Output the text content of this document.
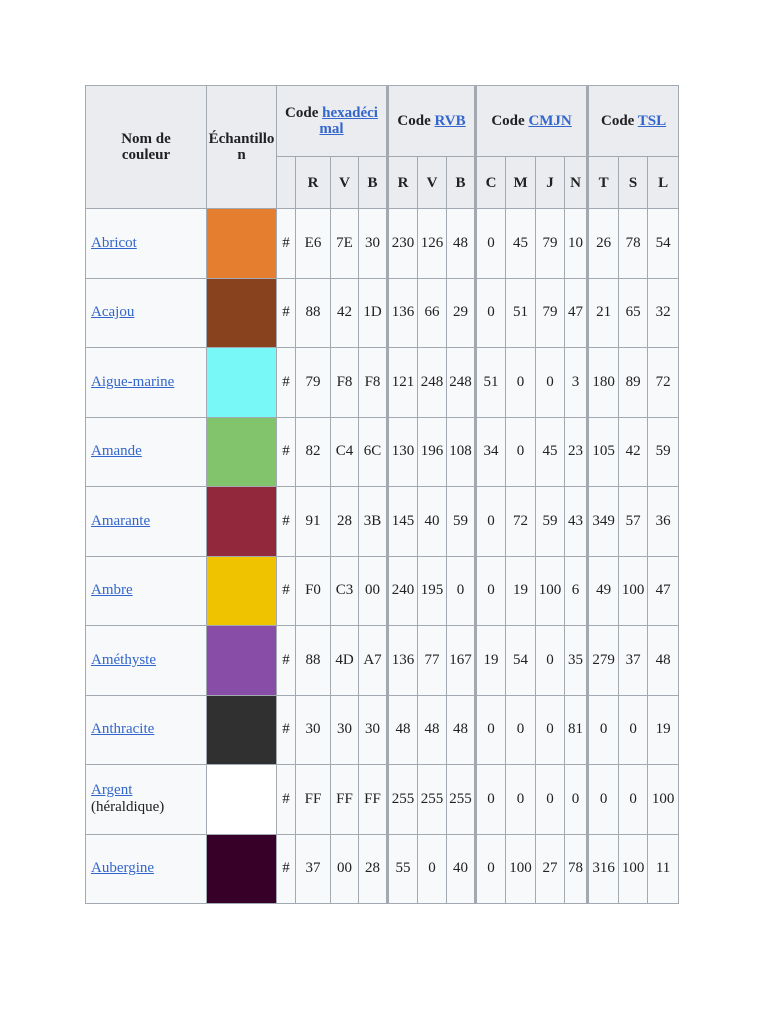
Nom de couleur	Échantillon	Code hexadécimal				Code RVB			Code CMJN				Code TSL		
			R	V	B	R	V	B	C	M	J	N	T	S	L
Abricot		#	E6	7E	30	230	126	48	0	45	79	10	26	78	54
Acajou		#	88	42	1D	136	66	29	0	51	79	47	21	65	32
Aigue-marine		#	79	F8	F8	121	248	248	51	0	0	3	180	89	72
Amande		#	82	C4	6C	130	196	108	34	0	45	23	105	42	59
Amarante		#	91	28	3B	145	40	59	0	72	59	43	349	57	36
Ambre		#	F0	C3	00	240	195	0	0	19	100	6	49	100	47
Améthyste		#	88	4D	A7	136	77	167	19	54	0	35	279	37	48
Anthracite		#	30	30	30	48	48	48	0	0	0	81	0	0	19
Argent (héraldique)		#	FF	FF	FF	255	255	255	0	0	0	0	0	0	100
Aubergine		#	37	00	28	55	0	40	0	100	27	78	316	100	11
